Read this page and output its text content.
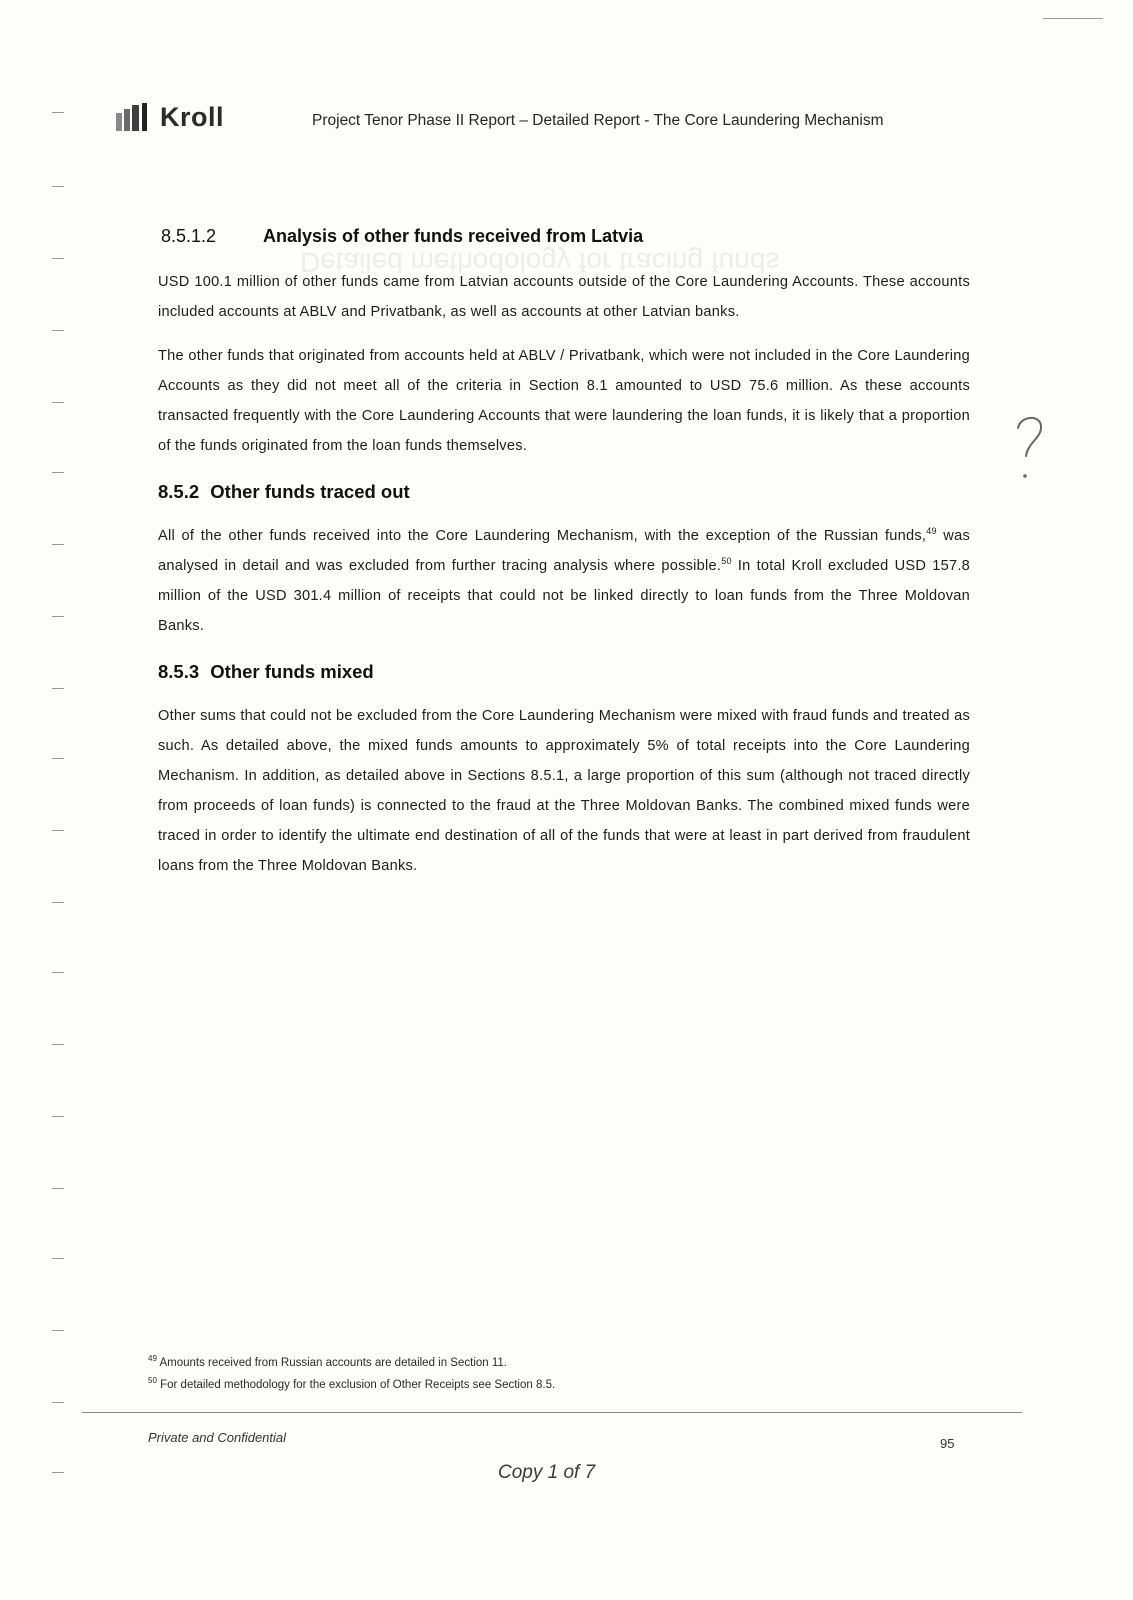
Detailed methodology for tracing funds
Kroll	Project Tenor Phase II Report – Detailed Report - The Core Laundering Mechanism
8.5.1.2	Analysis of other funds received from Latvia

USD 100.1 million of other funds came from Latvian accounts outside of the Core Laundering Accounts. These accounts included accounts at ABLV and Privatbank, as well as accounts at other Latvian banks.

The other funds that originated from accounts held at ABLV / Privatbank, which were not included in the Core Laundering Accounts as they did not meet all of the criteria in Section 8.1 amounted to USD 75.6 million. As these accounts transacted frequently with the Core Laundering Accounts that were laundering the loan funds, it is likely that a proportion of the funds originated from the loan funds themselves.

8.5.2 Other funds traced out

All of the other funds received into the Core Laundering Mechanism, with the exception of the Russian funds,$^{49}$ was analysed in detail and was excluded from further tracing analysis where possible.$^{50}$ In total Kroll excluded USD 157.8 million of the USD 301.4 million of receipts that could not be linked directly to loan funds from the Three Moldovan Banks.

8.5.3 Other funds mixed

Other sums that could not be excluded from the Core Laundering Mechanism were mixed with fraud funds and treated as such. As detailed above, the mixed funds amounts to approximately 5% of total receipts into the Core Laundering Mechanism. In addition, as detailed above in Sections 8.5.1, a large proportion of this sum (although not traced directly from proceeds of loan funds) is connected to the fraud at the Three Moldovan Banks. The combined mixed funds were traced in order to identify the ultimate end destination of all of the funds that were at least in part derived from fraudulent loans from the Three Moldovan Banks.

$^{49}$ Amounts received from Russian accounts are detailed in Section 11.
$^{50}$ For detailed methodology for the exclusion of Other Receipts see Section 8.5.
Private and Confidential	95
Copy 1 of 7
